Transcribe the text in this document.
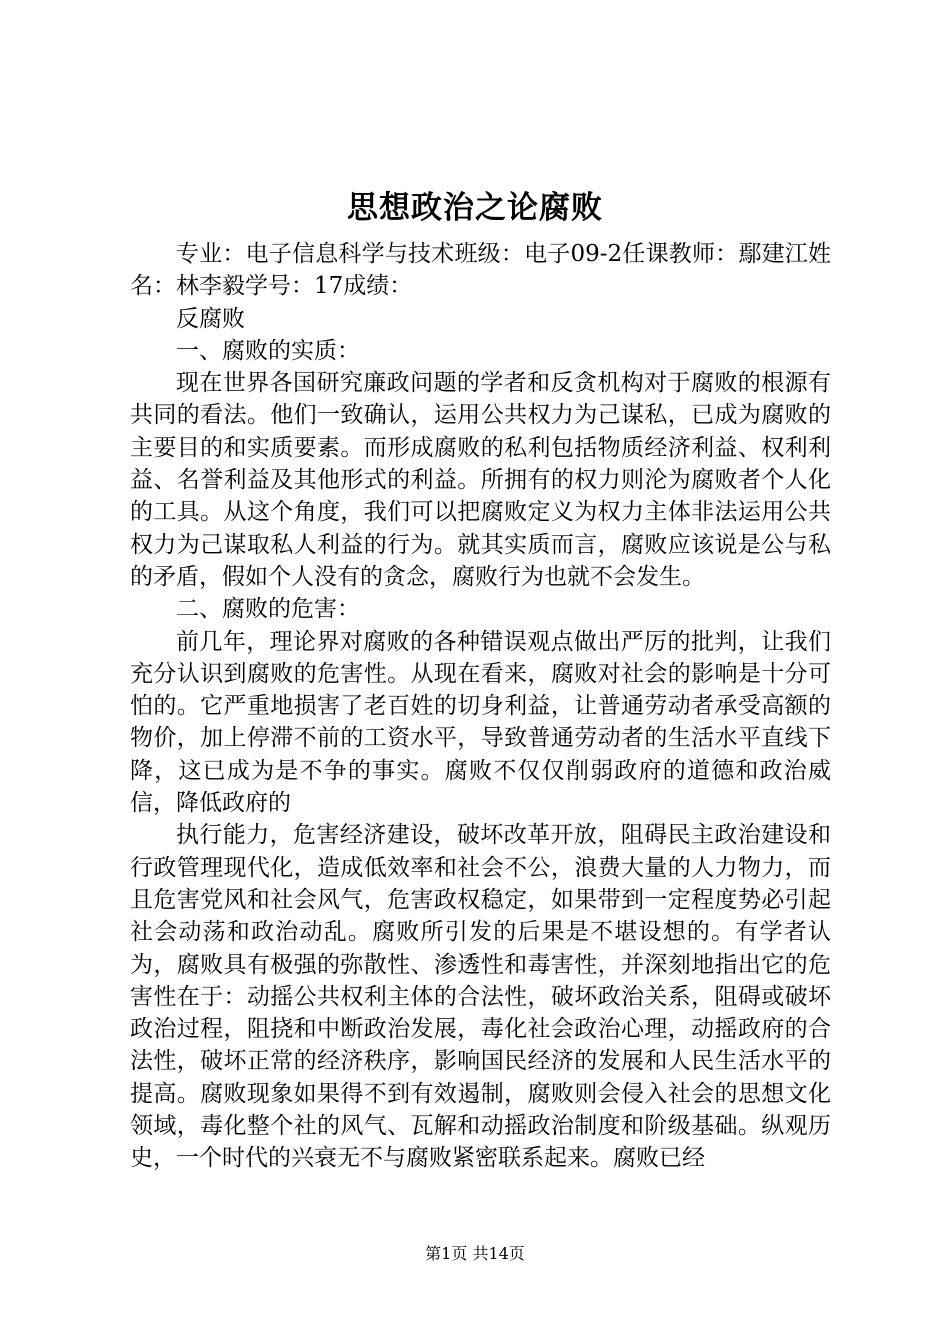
思想政治之论腐败

专业：电子信息科学与技术班级：电子09-2任课教师：鄢建江姓名：林李毅学号：17成绩：

反腐败

一、腐败的实质：

现在世界各国研究廉政问题的学者和反贪机构对于腐败的根源有共同的看法。他们一致确认，运用公共权力为己谋私，已成为腐败的主要目的和实质要素。而形成腐败的私利包括物质经济利益、权利利益、名誉利益及其他形式的利益。所拥有的权力则沦为腐败者个人化的工具。从这个角度，我们可以把腐败定义为权力主体非法运用公共权力为己谋取私人利益的行为。就其实质而言，腐败应该说是公与私的矛盾，假如个人没有的贪念，腐败行为也就不会发生。

二、腐败的危害：

前几年，理论界对腐败的各种错误观点做出严厉的批判，让我们充分认识到腐败的危害性。从现在看来，腐败对社会的影响是十分可怕的。它严重地损害了老百姓的切身利益，让普通劳动者承受高额的物价，加上停滞不前的工资水平，导致普通劳动者的生活水平直线下降，这已成为是不争的事实。腐败不仅仅削弱政府的道德和政治威信，降低政府的

执行能力，危害经济建设，破坏改革开放，阻碍民主政治建设和行政管理现代化，造成低效率和社会不公，浪费大量的人力物力，而且危害党风和社会风气，危害政权稳定，如果带到一定程度势必引起社会动荡和政治动乱。腐败所引发的后果是不堪设想的。有学者认为，腐败具有极强的弥散性、渗透性和毒害性，并深刻地指出它的危害性在于：动摇公共权利主体的合法性，破坏政治关系，阻碍或破坏政治过程，阻挠和中断政治发展，毒化社会政治心理，动摇政府的合法性，破坏正常的经济秩序，影响国民经济的发展和人民生活水平的提高。腐败现象如果得不到有效遏制，腐败则会侵入社会的思想文化领域，毒化整个社的风气、瓦解和动摇政治制度和阶级基础。纵观历史，一个时代的兴衰无不与腐败紧密联系起来。腐败已经

第1页 共14页
